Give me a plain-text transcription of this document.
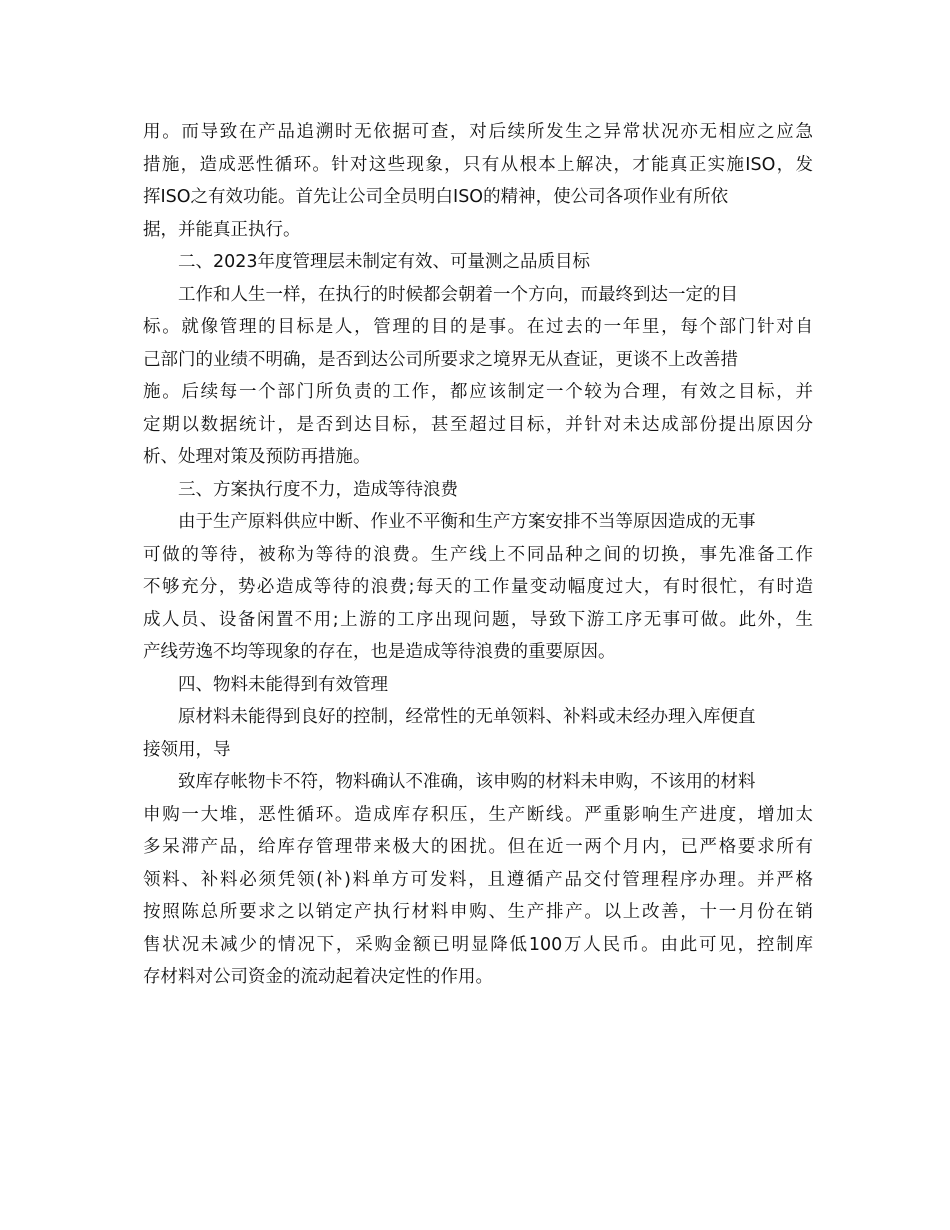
用。而导致在产品追溯时无依据可查，对后续所发生之异常状况亦无相应之应急
措施，造成恶性循环。针对这些现象，只有从根本上解决，才能真正实施ISO，发
挥ISO之有效功能。首先让公司全员明白ISO的精神，使公司各项作业有所依
据，并能真正执行。
二、2023年度管理层未制定有效、可量测之品质目标
工作和人生一样，在执行的时候都会朝着一个方向，而最终到达一定的目
标。就像管理的目标是人，管理的目的是事。在过去的一年里，每个部门针对自
己部门的业绩不明确，是否到达公司所要求之境界无从查证，更谈不上改善措
施。后续每一个部门所负责的工作，都应该制定一个较为合理，有效之目标，并
定期以数据统计，是否到达目标，甚至超过目标，并针对未达成部份提出原因分
析、处理对策及预防再措施。
三、方案执行度不力，造成等待浪费
由于生产原料供应中断、作业不平衡和生产方案安排不当等原因造成的无事
可做的等待，被称为等待的浪费。生产线上不同品种之间的切换，事先准备工作
不够充分，势必造成等待的浪费;每天的工作量变动幅度过大，有时很忙，有时造
成人员、设备闲置不用;上游的工序出现问题，导致下游工序无事可做。此外，生
产线劳逸不均等现象的存在，也是造成等待浪费的重要原因。
四、物料未能得到有效管理
原材料未能得到良好的控制，经常性的无单领料、补料或未经办理入库便直
接领用，导
致库存帐物卡不符，物料确认不准确，该申购的材料未申购，不该用的材料
申购一大堆，恶性循环。造成库存积压，生产断线。严重影响生产进度，增加太
多呆滞产品，给库存管理带来极大的困扰。但在近一两个月内，已严格要求所有
领料、补料必须凭领(补)料单方可发料，且遵循产品交付管理程序办理。并严格
按照陈总所要求之以销定产执行材料申购、生产排产。以上改善，十一月份在销
售状况未减少的情况下，采购金额已明显降低100万人民币。由此可见，控制库
存材料对公司资金的流动起着决定性的作用。
